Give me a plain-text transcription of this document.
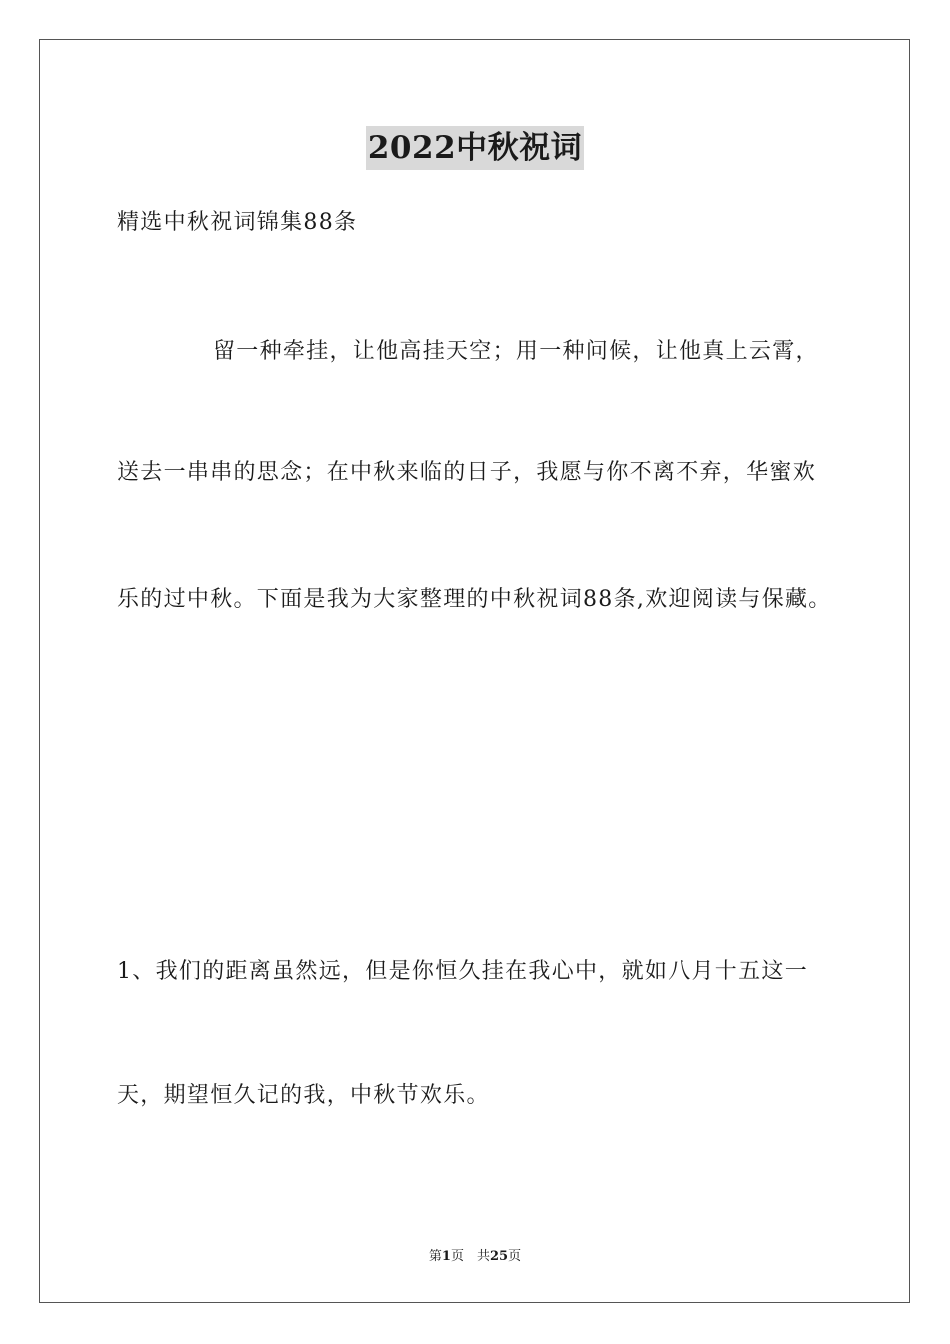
2022中秋祝词
精选中秋祝词锦集88条
留一种牵挂，让他高挂天空；用一种问候，让他真上云霄，
送去一串串的思念；在中秋来临的日子，我愿与你不离不弃，华蜜欢
乐的过中秋。下面是我为大家整理的中秋祝词88条,欢迎阅读与保藏。
1、我们的距离虽然远，但是你恒久挂在我心中，就如八月十五这一
天，期望恒久记的我，中秋节欢乐。
第1页　共25页
